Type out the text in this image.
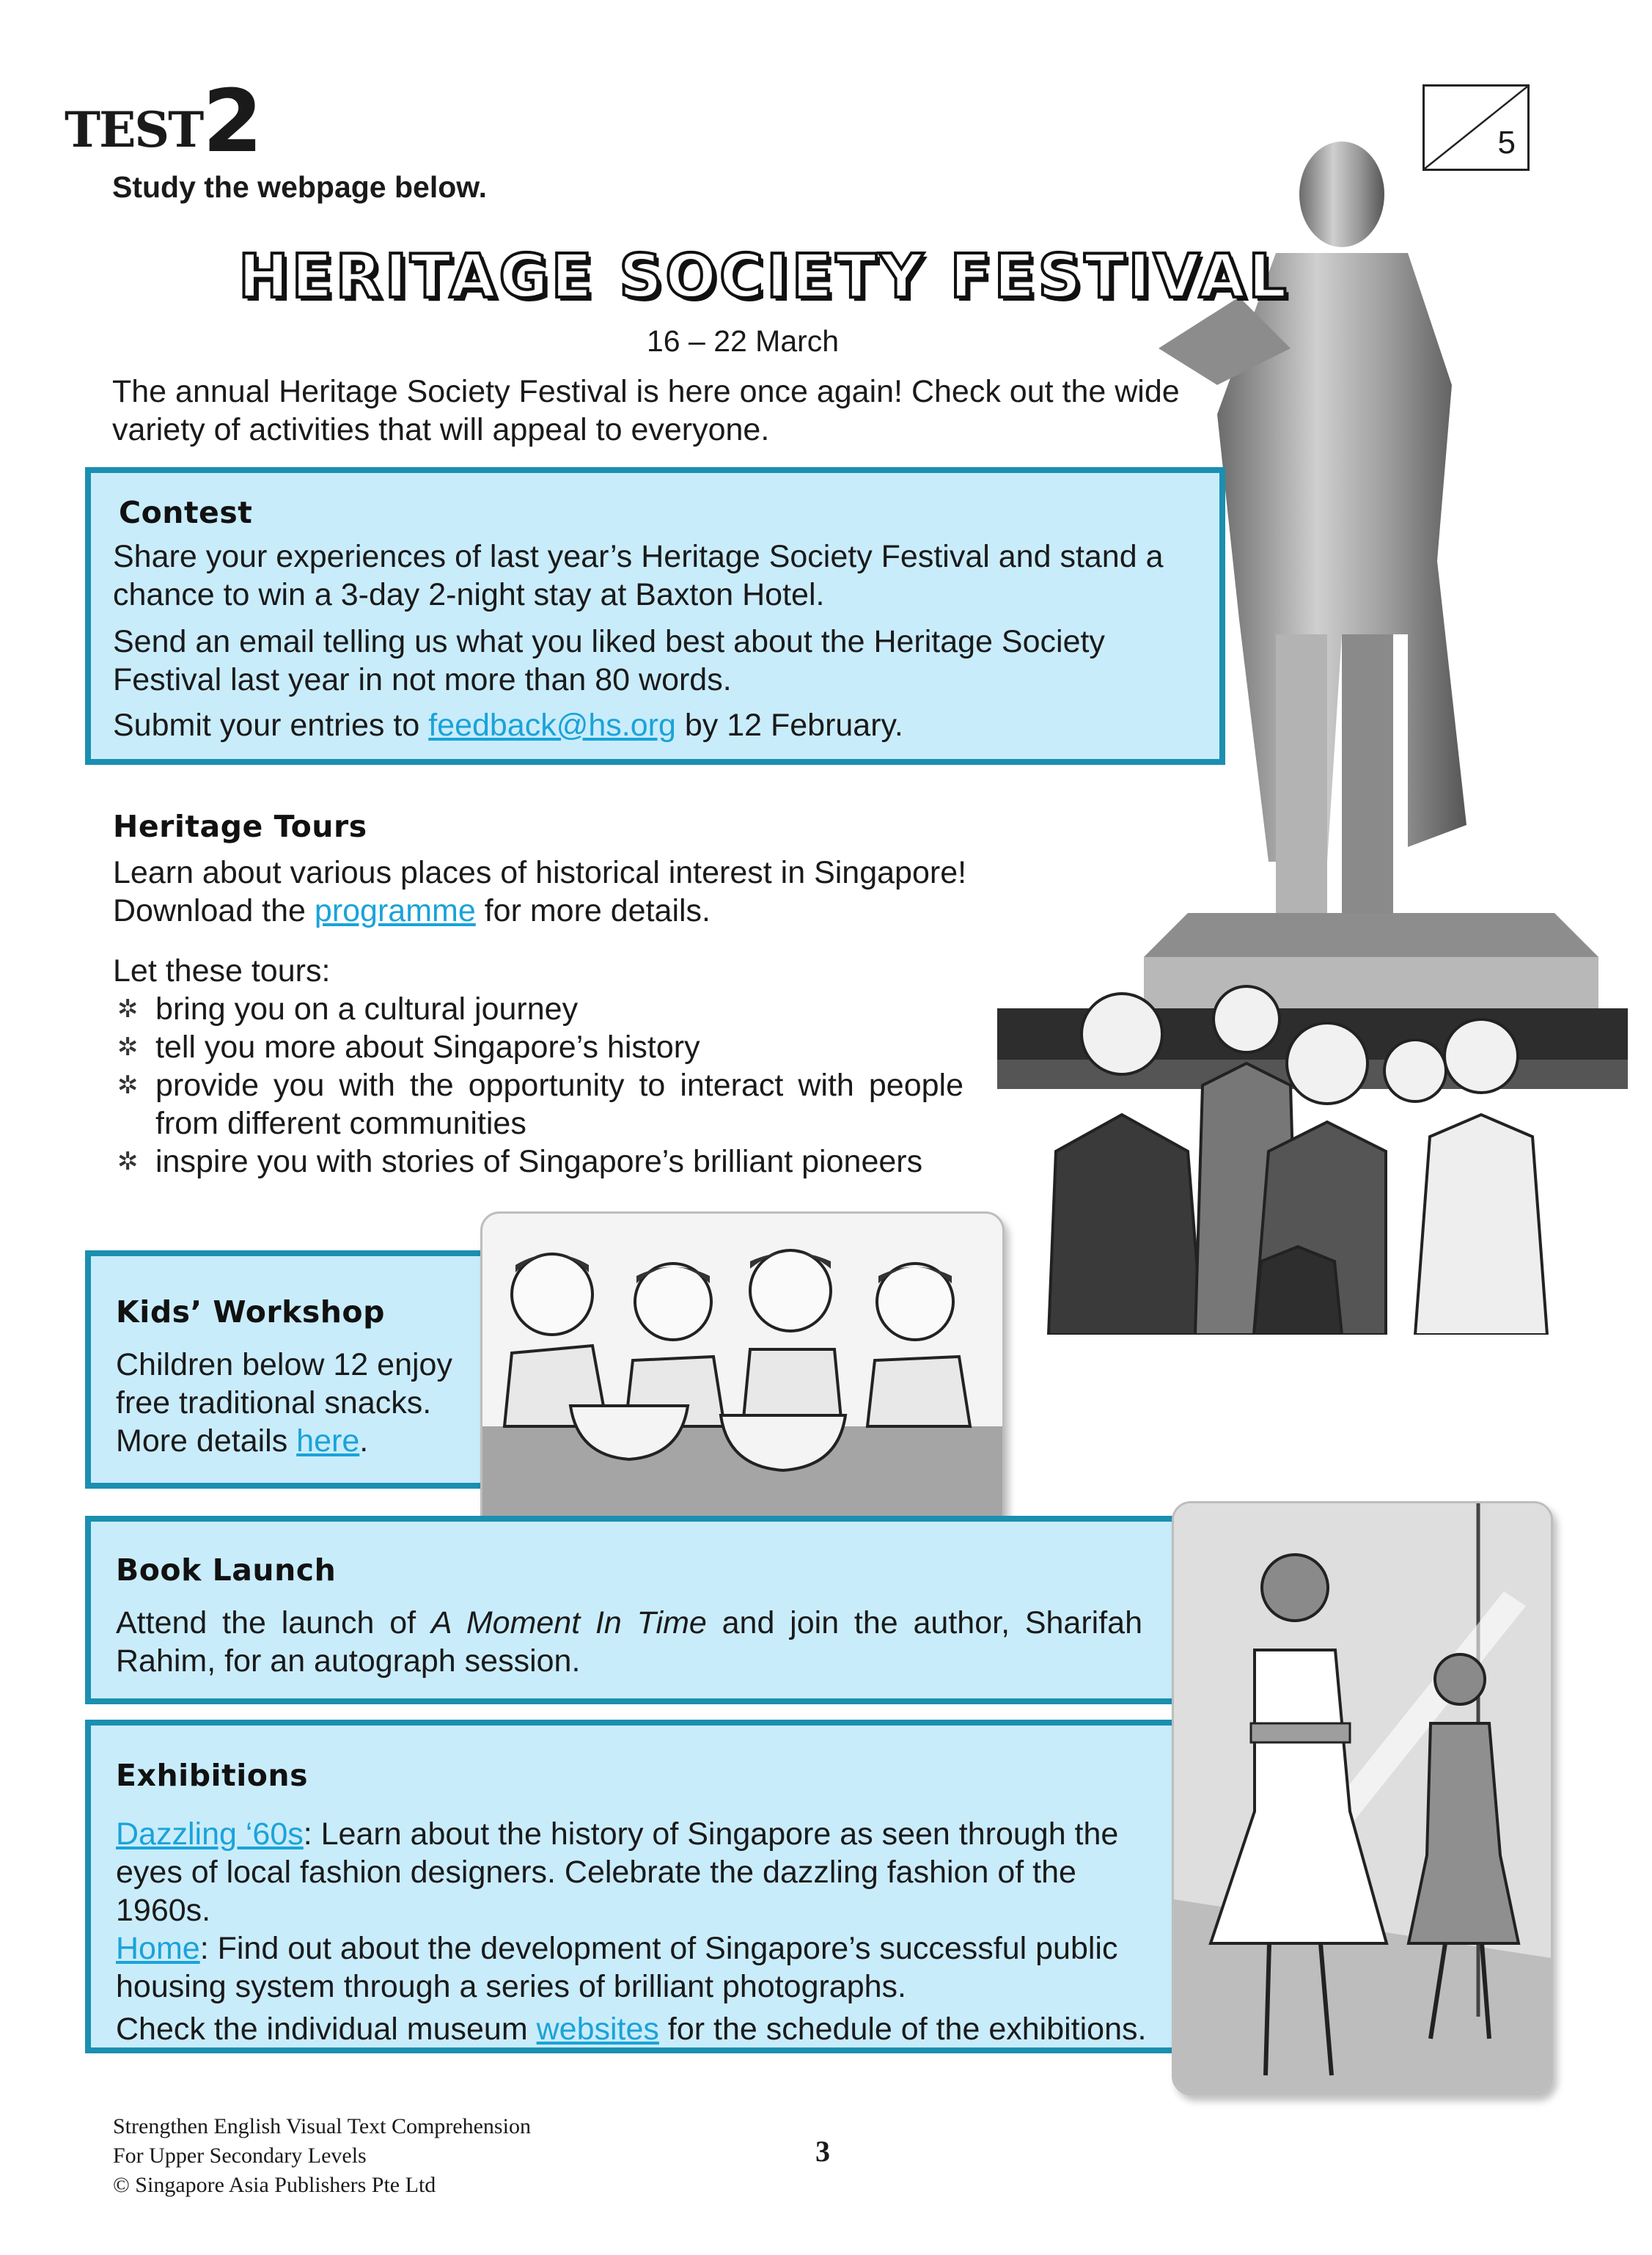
TEST2	5
Study the webpage below.
HERITAGE SOCIETY FESTIVAL
16 – 22 March
The annual Heritage Society Festival is here once again! Check out the wide variety of activities that will appeal to everyone.
Contest
Share your experiences of last year’s Heritage Society Festival and stand a chance to win a 3-day 2-night stay at Baxton Hotel.
Send an email telling us what you liked best about the Heritage Society Festival last year in not more than 80 words.
Submit your entries to feedback@hs.org by 12 February.
Heritage Tours
Learn about various places of historical interest in Singapore!
Download the programme for more details.
Let these tours:
✲ bring you on a cultural journey
✲ tell you more about Singapore’s history
✲ provide you with the opportunity to interact with people from different communities
✲ inspire you with stories of Singapore’s brilliant pioneers
Kids’ Workshop
Children below 12 enjoy free traditional snacks.
More details here.
Book Launch
Attend the launch of A Moment In Time and join the author, Sharifah Rahim, for an autograph session.
Exhibitions
Dazzling ‘60s: Learn about the history of Singapore as seen through the eyes of local fashion designers. Celebrate the dazzling fashion of the 1960s.
Home: Find out about the development of Singapore’s successful public housing system through a series of brilliant photographs.
Check the individual museum websites for the schedule of the exhibitions.
Strengthen English Visual Text Comprehension
For Upper Secondary Levels
© Singapore Asia Publishers Pte Ltd
3
